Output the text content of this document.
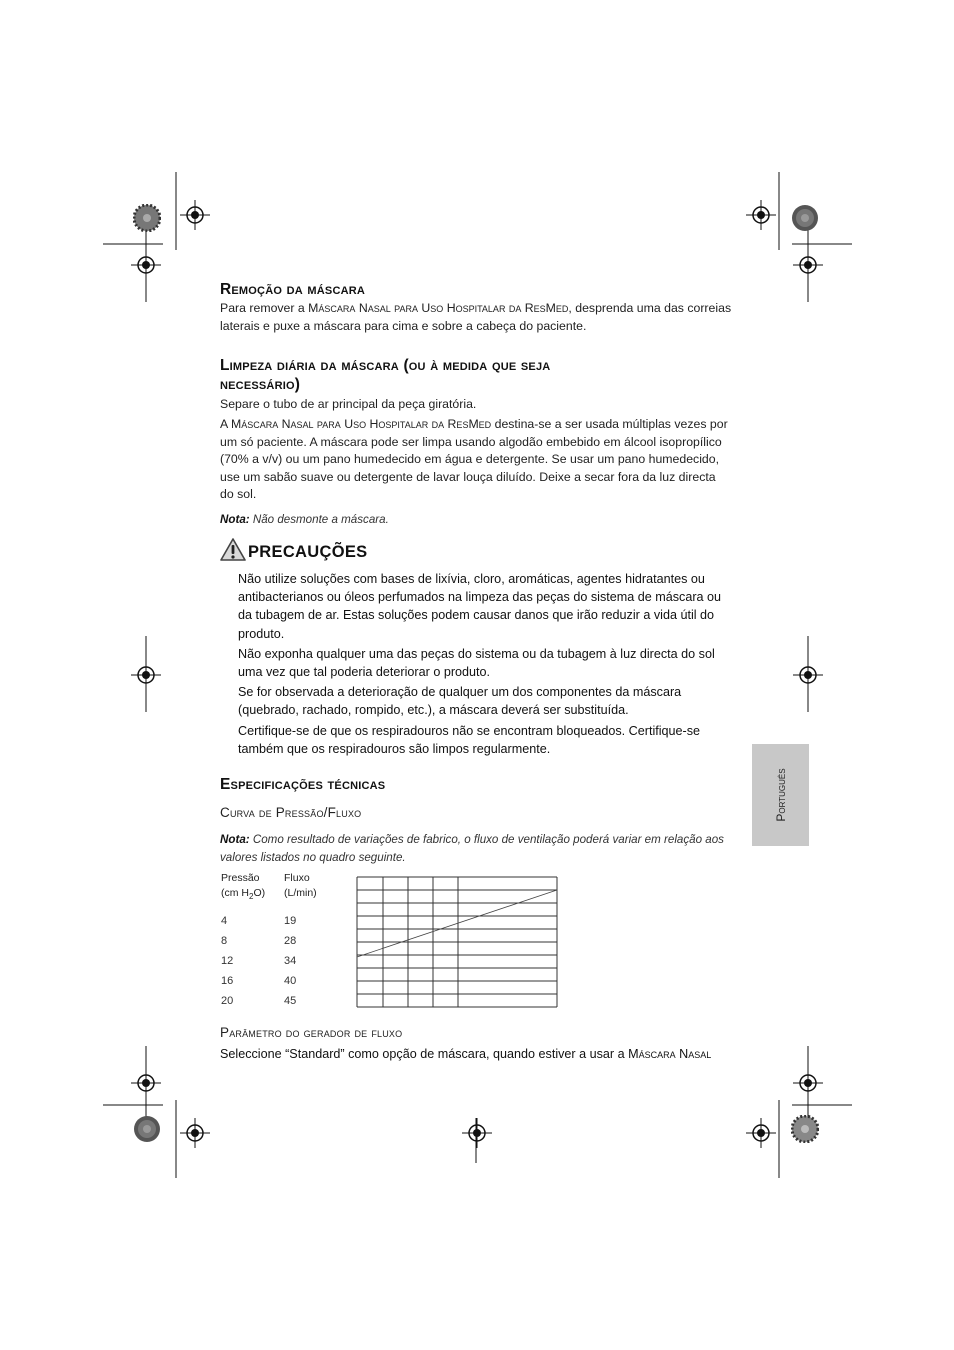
Português
Remoção da máscara
Para remover a Máscara Nasal para Uso Hospitalar da ResMed, desprenda uma das correias laterais e puxe a máscara para cima e sobre a cabeça do paciente.
Limpeza diária da máscara (ou à medida que seja
necessário)
Separe o tubo de ar principal da peça giratória.
A Máscara Nasal para Uso Hospitalar da ResMed destina-se a ser usada múltiplas vezes por um só paciente. A máscara pode ser limpa usando algodão embebido em álcool isopropílico (70% a v/v) ou um pano humedecido em água e detergente. Se usar um pano humedecido, use um sabão suave ou detergente de lavar louça diluído. Deixe a secar fora da luz directa do sol.
Nota: Não desmonte a máscara.
PRECAUÇÕES
Não utilize soluções com bases de lixívia, cloro, aromáticas, agentes hidratantes ou antibacterianos ou óleos perfumados na limpeza das peças do sistema de máscara ou da tubagem de ar. Estas soluções podem causar danos que irão reduzir a vida útil do produto.
Não exponha qualquer uma das peças do sistema ou da tubagem à luz directa do sol uma vez que tal poderia deteriorar o produto.
Se for observada a deterioração de qualquer um dos componentes da máscara (quebrado, rachado, rompido, etc.), a máscara deverá ser substituída.
Certifique-se de que os respiradouros não se encontram bloqueados. Certifique-se também que os respiradouros são limpos regularmente.
Especificações técnicas
Curva de Pressão/Fluxo
Nota: Como resultado de variações de fabrico, o fluxo de ventilação poderá variar em relação aos valores listados no quadro seguinte.
Pressão
(cm $H_2O$)
Fluxo
(L/min)
4
8
12
16
20
19
28
34
40
45
Parâmetro do gerador de fluxo
Seleccione “Standard” como opção de máscara, quando estiver a usar a Máscara Nasal
